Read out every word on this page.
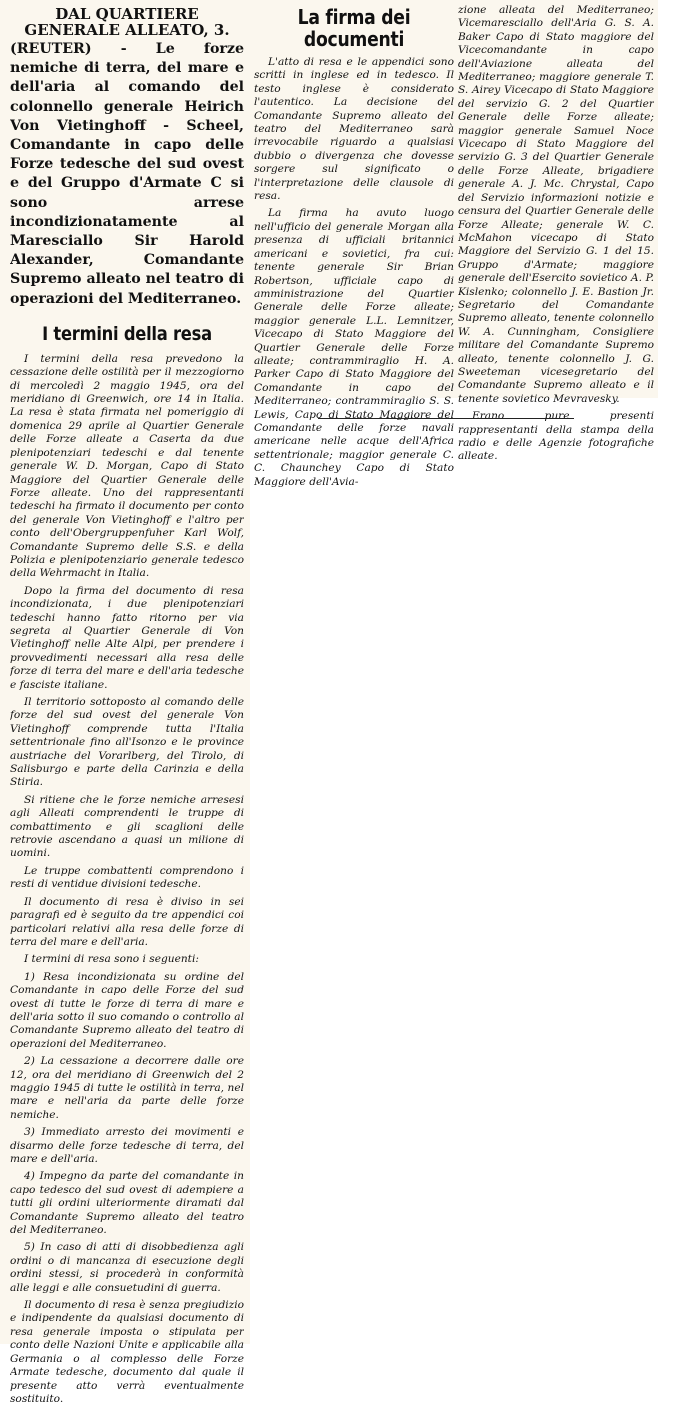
DAL QUARTIERE GENERALE ALLEATO, 3.

(REUTER) - Le forze nemiche di terra, del mare e dell'aria al comando del colonnello generale Heirich Von Vietinghoff - Scheel, Comandante in capo delle Forze tedesche del sud ovest e del Gruppo d'Armate C si sono arrese incondizionatamente al Maresciallo Sir Harold Alexander, Comandante Supremo alleato nel teatro di operazioni del Mediterraneo.

I termini della resa

I termini della resa prevedono la cessazione delle ostilità per il mezzogiorno di mercoledì 2 maggio 1945, ora del meridiano di Greenwich, ore 14 in Italia. La resa è stata firmata nel pomeriggio di domenica 29 aprile al Quartier Generale delle Forze alleate a Caserta da due plenipotenziari tedeschi e dal tenente generale W. D. Morgan, Capo di Stato Maggiore del Quartier Generale delle Forze alleate. Uno dei rappresentanti tedeschi ha firmato il documento per conto del generale Von Vietinghoff e l'altro per conto dell'Obergruppenfuher Karl Wolf, Comandante Supremo delle S.S. e della Polizia e plenipotenziario generale tedesco della Wehrmacht in Italia.

Dopo la firma del documento di resa incondizionata, i due plenipotenziari tedeschi hanno fatto ritorno per via segreta al Quartier Generale di Von Vietinghoff nelle Alte Alpi, per prendere i provvedimenti necessari alla resa delle forze di terra del mare e dell'aria tedesche e fasciste italiane.

Il territorio sottoposto al comando delle forze del sud ovest del generale Von Vietinghoff comprende tutta l'Italia settentrionale fino all'Isonzo e le province austriache del Vorarlberg, del Tirolo, di Salisburgo e parte della Carinzia e della Stiria.

Si ritiene che le forze nemiche arresesi agli Alleati comprendenti le truppe di combattimento e gli scaglioni delle retrovie ascendano a quasi un milione di uomini.

Le truppe combattenti comprendono i resti di ventidue divisioni tedesche.

Il documento di resa è diviso in sei paragrafi ed è seguito da tre appendici coi particolari relativi alla resa delle forze di terra del mare e dell'aria.

I termini di resa sono i seguenti:

1) Resa incondizionata su ordine del Comandante in capo delle Forze del sud ovest di tutte le forze di terra di mare e dell'aria sotto il suo comando o controllo al Comandante Supremo alleato del teatro di operazioni del Mediterraneo.

2) La cessazione a decorrere dalle ore 12, ora del meridiano di Greenwich del 2 maggio 1945 di tutte le ostilità in terra, nel mare e nell'aria da parte delle forze nemiche.

3) Immediato arresto dei movimenti e disarmo delle forze tedesche di terra, del mare e dell'aria.

4) Impegno da parte del comandante in capo tedesco del sud ovest di adempiere a tutti gli ordini ulteriormente diramati dal Comandante Supremo alleato del teatro del Mediterraneo.

5) In caso di atti di disobbedienza agli ordini o di mancanza di esecuzione degli ordini stessi, si procederà in conformità alle leggi e alle consuetudini di guerra.

Il documento di resa è senza pregiudizio e indipendente da qualsiasi documento di resa generale imposta o stipulata per conto delle Nazioni Unite e applicabile alla Germania o al complesso delle Forze Armate tedesche, documento dal quale il presente atto verrà eventualmente sostituito.

La firma dei documenti

L'atto di resa e le appendici sono scritti in inglese ed in tedesco. Il testo inglese è considerato l'autentico. La decisione del Comandante Supremo alleato del teatro del Mediterraneo sarà irrevocabile riguardo a qualsiasi dubbio o divergenza che dovesse sorgere sul significato o l'interpretazione delle clausole di resa.

La firma ha avuto luogo nell'ufficio del generale Morgan alla presenza di ufficiali britannici americani e sovietici, fra cui: tenente generale Sir Brian Robertson, ufficiale capo di amministrazione del Quartier Generale delle Forze alleate; maggior generale L.L. Lemnitzer, Vicecapo di Stato Maggiore del Quartier Generale delle Forze alleate; contrammiraglio H. A. Parker Capo di Stato Maggiore del Comandante in capo del Mediterraneo; contrammiraglio S. S. Lewis, Capo di Stato Maggiore del Comandante delle forze navali americane nelle acque dell'Africa settentrionale; maggior generale C. C. Chaunchey Capo di Stato Maggiore dell'Avia-

zione alleata del Mediterraneo; Vicemaresciallo dell'Aria G. S. A. Baker Capo di Stato maggiore del Vicecomandante in capo dell'Aviazione alleata del Mediterraneo; maggiore generale T. S. Airey Vicecapo di Stato Maggiore del servizio G. 2 del Quartier Generale delle Forze alleate; maggior generale Samuel Noce Vicecapo di Stato Maggiore del servizio G. 3 del Quartier Generale delle Forze Alleate, brigadiere generale A. J. Mc. Chrystal, Capo del Servizio informazioni notizie e censura del Quartier Generale delle Forze Alleate; generale W. C. McMahon vicecapo di Stato Maggiore del Servizio G. 1 del 15. Gruppo d'Armate; maggiore generale dell'Esercito sovietico A. P. Kislenko; colonnello J. E. Bastion Jr. Segretario del Comandante Supremo alleato, tenente colonnello W. A. Cunningham, Consigliere militare del Comandante Supremo alleato, tenente colonnello J. G. Sweeteman vicesegretario del Comandante Supremo alleato e il tenente sovietico Mevravesky.

Erano pure presenti rappresentanti della stampa della radio e delle Agenzie fotografiche alleate.
